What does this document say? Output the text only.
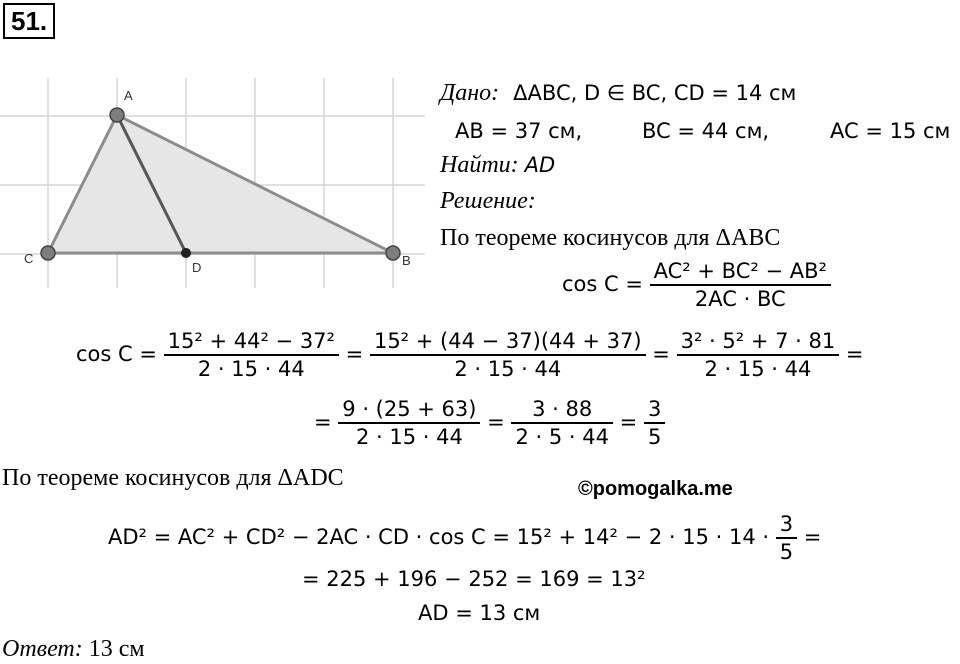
51.
A
C
D	B
Дано: ΔABC, D ∈ BC, CD = 14 см
AB = 37 см,	BC = 44 см,	AC = 15 см
Найти: AD
Решение:
По теореме косинусов для ΔABC
$\cos C = \frac{\text{AC² + BC² − AB²}}{2AC \cdot BC}$
$\cos C = \frac{\text{15² + 44² − 37²}}{2 \cdot 15 \cdot 44} = \frac{\text{15² + (44 − 37)(44 + 37)}}{2 \cdot 15 \cdot 44} = \frac{\text{3² · 5² + 7 · 81}}{2 \cdot 15 \cdot 44}$ =
= $\frac{9 \cdot (25 + 63)}{2 \cdot 15 \cdot 44} = \frac{3 \cdot 88}{2 \cdot 5 \cdot 44} = \frac{3}{5}$
По теореме косинусов для ΔADC	©pomogalka.me
AD² = AC² + CD² − 2AC · CD · $\cos C = 15^2 + 14^2 - 2 \cdot 15 \cdot 14 \cdot \frac{3}{5}$ =
= 225 + 196 − 252 = 169 = 13²
AD = 13 см
Ответ: 13 см
